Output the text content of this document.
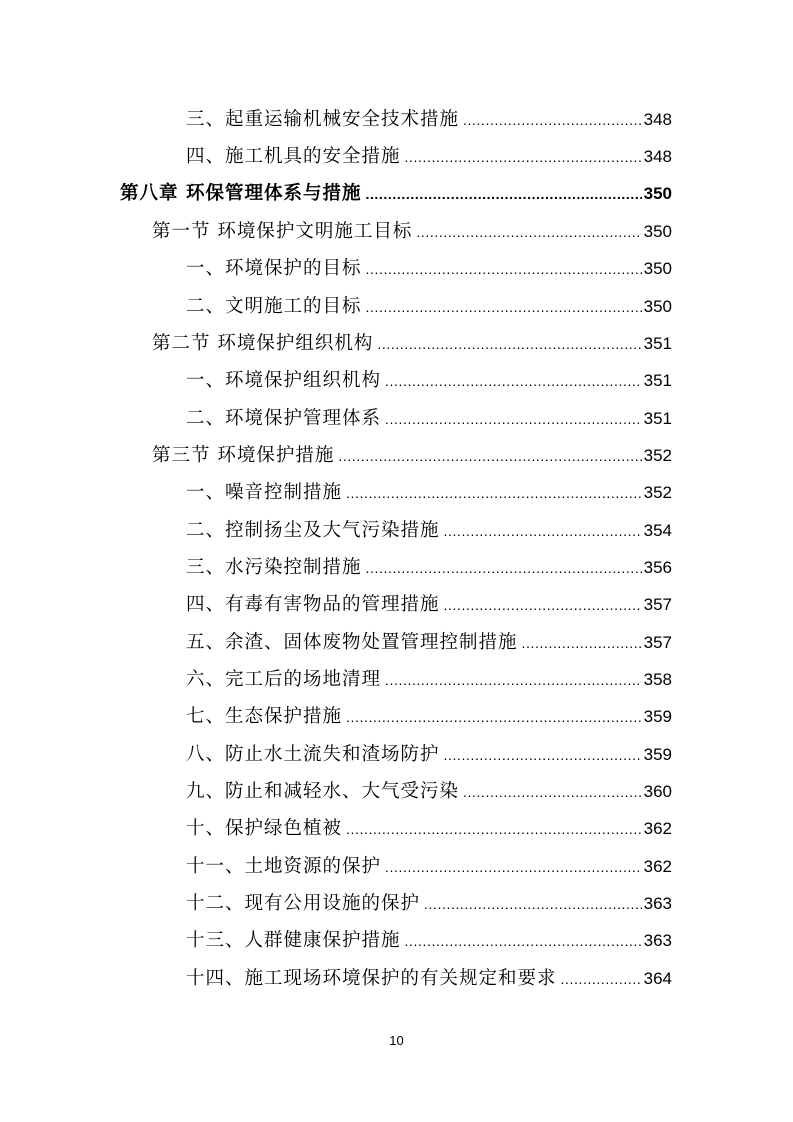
三、起重运输机械安全技术措施 .....	348
四、施工机具的安全措施 .....	348
第八章 环保管理体系与措施 .....	350
第一节 环境保护文明施工目标 .....	350
一、环境保护的目标 .....	350
二、文明施工的目标 .....	350
第二节 环境保护组织机构 .....	351
一、环境保护组织机构 .....	351
二、环境保护管理体系 .....	351
第三节 环境保护措施 .....	352
一、噪音控制措施 .....	352
二、控制扬尘及大气污染措施 .....	354
三、水污染控制措施 .....	356
四、有毒有害物品的管理措施 .....	357
五、余渣、固体废物处置管理控制措施 .....	357
六、完工后的场地清理 .....	358
七、生态保护措施 .....	359
八、防止水土流失和渣场防护 .....	359
九、防止和减轻水、大气受污染 .....	360
十、保护绿色植被 .....	362
十一、土地资源的保护 .....	362
十二、现有公用设施的保护 .....	363
十三、人群健康保护措施 .....	363
十四、施工现场环境保护的有关规定和要求 .....	364
10
